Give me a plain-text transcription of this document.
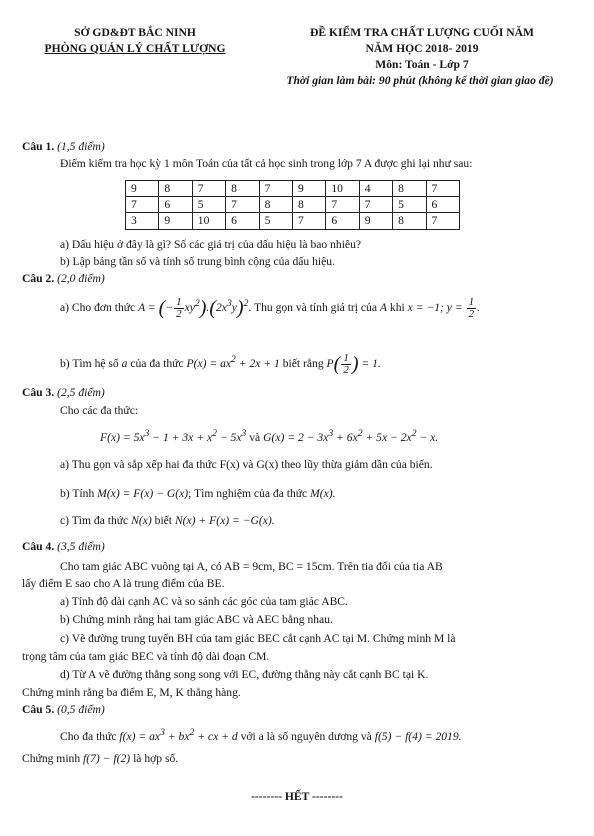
SỞ GD&ĐT BẮC NINH
PHÒNG QUẢN LÝ CHẤT LƯỢNG
ĐỀ KIỂM TRA CHẤT LƯỢNG CUỐI NĂM
NĂM HỌC 2018- 2019
Môn: Toán - Lớp 7
Thời gian làm bài: 90 phút (không kể thời gian giao đề)
Câu 1. (1,5 điểm)
Điểm kiểm tra học kỳ 1 môn Toán của tất cả học sinh trong lớp 7 A được ghi lại như sau:
9	8	7	8	7	9	10	4	8	7
7	6	5	7	8	8	7	7	5	6
3	9	10	6	5	7	6	9	8	7
a) Dấu hiệu ở đây là gì? Số các giá trị của dấu hiệu là bao nhiêu?
b) Lập bảng tần số và tính số trung bình cộng của dấu hiệu.
Câu 2. (2,0 điểm)
a) Cho đơn thức A = (− $\frac{1}{2} xy^2).(2x^3y)^2$. Thu gọn và tính giá trị của A khi x = −1; $y = \frac{1}{2}$ .
b) Tìm hệ số a của đa thức $P(x) = ax^2 + 2x + 1$ biết rằng $P( \frac{1}{2}$ ) = 1.
Câu 3. (2,5 điểm)
Cho các đa thức:
$F(x) = 5x^3 - 1 + 3x + x^2 - 5x^3$ và $G(x) = 2 - 3x^3 + 6x^2 + 5x - 2x^2 - x$.
a) Thu gọn và sắp xếp hai đa thức F(x) và G(x) theo lũy thừa giảm dần của biến.
b) Tính M(x) = F(x) − G(x); Tìm nghiệm của đa thức M(x).
c) Tìm đa thức N(x) biết N(x) + F(x) = −G(x).
Câu 4. (3,5 điểm)
Cho tam giác ABC vuông tại A, có AB = 9cm, BC = 15cm. Trên tia đối của tia AB
lấy điểm E sao cho A là trung điểm của BE.
a) Tính độ dài cạnh AC và so sánh các góc của tam giác ABC.
b) Chứng minh rằng hai tam giác ABC và AEC bằng nhau.
c) Vẽ đường trung tuyến BH của tam giác BEC cắt cạnh AC tại M. Chứng minh M là
trọng tâm của tam giác BEC và tính độ dài đoạn CM.
d) Từ A vẽ đường thẳng song song với EC, đường thẳng này cắt cạnh BC tại K.
Chứng minh rằng ba điểm E, M, K thẳng hàng.
Câu 5. (0,5 điểm)
Cho đa thức $f(x) = ax^3 + bx^2$ + cx + d với a là số nguyên dương và f(5) − f(4) = 2019.
Chứng minh f(7) − f(2) là hợp số.
-------- HẾT --------
